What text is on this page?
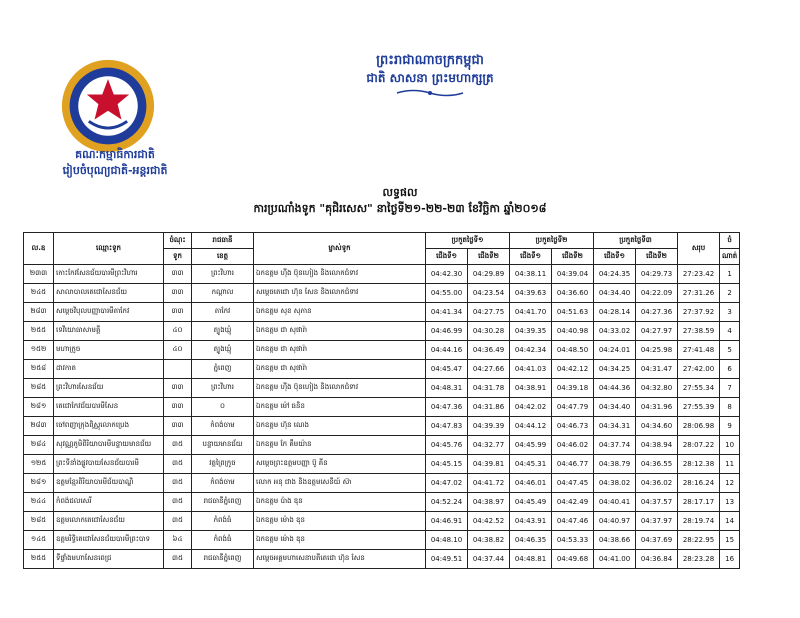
គណៈកម្មាធិការជាតិ
រៀបចំបុណ្យជាតិ-អន្តរជាតិ
ព្រះរាជាណាចក្រកម្ពុជា
ជាតិ សាសនា ព្រះមហាក្សត្រ
លទ្ធផល
ការប្រណាំងទូក "គុជិរសេស" នាថ្ងៃទី២១-២២-២៣ ខែវិច្ឆិកា ឆ្នាំ២០១៨
ល.ឧ	ឈ្មោះទូក	ចំណុះ	រាជធានី	ម្ចាស់ទូក	ប្រកួតថ្ងៃទី១		ប្រកួតថ្ងៃទី២		ប្រកួតថ្ងៃទី៣		សរុប	ចំ
		ទូក	ខេត្ត		ជើងទី១	ជើងទី២	ជើងទី១	ជើងទី២	ជើងទី១	ជើងទី២		ណាត់
២៣៣	កោះកែវសែនជ័យបារមីព្រះវិហារ	៣៣	ព្រះវិហារ	ឯកឧត្តម ហ៊ីង ប៊ុនហៀង និងលោកជំទាវ	04:42.30	04:29.89	04:38.11	04:39.04	04:24.35	04:29.73	27:23.42	1
២៤៥	សាលាបាលតេជោសែនជ័យ	៣៣	កណ្ដាល	សម្ដេចតេជោ ហ៊ុន សែន និងលោកជំទាវ	04:55.00	04:23.54	04:39.63	04:36.60	04:34.40	04:22.09	27:31.26	2
២៨៣	សម្ដេចវិបុលបញ្ញាបារមីតាកែវ	៣៣	តាកែវ	ឯកឧត្តម សុខ សុភាន	04:41.34	04:27.75	04:41.70	04:51.63	04:28.14	04:27.36	27:37.92	3
២៥៥	ទេវីយោធាសាមគ្គី	៤០	ត្បូងឃ្មុំ	ឯកឧត្តម ជា សុផារ៉ា	04:46.99	04:30.28	04:39.35	04:40.98	04:33.02	04:27.97	27:38.59	4
១៥២	មហាក្រូច	៤០	ត្បូងឃ្មុំ	ឯកឧត្តម ជា សុផារ៉ា	04:44.16	04:36.49	04:42.34	04:48.50	04:24.01	04:25.98	27:41.48	5
២៥៨	ដាវកាត		ភ្នំពេញ	ឯកឧត្តម ជា សុផារ៉ា	04:45.47	04:27.66	04:41.03	04:42.12	04:34.25	04:31.47	27:42.00	6
២៨៥	ព្រះវិហារសែនជ័យ	៣៣	ព្រះវិហារ	ឯកឧត្តម ហ៊ីង ប៊ុនហៀង និងលោកជំទាវ	04:48.31	04:31.78	04:38.91	04:39.18	04:44.36	04:32.80	27:55.34	7
២៨១	តេជោកែវជ័យបារមីសែន	៣៣	០	ឯកឧត្តម ម៉ៅ ធនិន	04:47.36	04:31.86	04:42.02	04:47.79	04:34.40	04:31.96	27:55.39	8
២៨៣	ចៅពញាក្រុងពិស្ណុលោកប្រេង	៣៣	កំពង់ចាម	ឯកឧត្តម ហ៊ុន ណេង	04:47.83	04:39.39	04:44.12	04:46.73	04:34.31	04:34.60	28:06.98	9
២៨៤	សុវណ្ណភូមិពិរិយាបារមីបន្ទាយមានជ័យ	៣៥	បន្ទាយមានជ័យ	ឯកឧត្តម កែ គឹមយ៉ាន	04:45.76	04:32.77	04:45.99	04:46.02	04:37.74	04:38.94	28:07.22	10
១២៥	ព្រះទីនាំងផ្លូវបាយសែនជ័យបារមី	៣៥	វត្តព្រៃក្រូច	សម្ដេចព្រះឧត្តមបញ្ញា ប៊ូ គីន	04:45.15	04:39.81	04:45.31	04:46.77	04:38.79	04:36.55	28:12.38	11
២៨១	ឧត្តមខ្មែរពិរិយាបារមីជ័យបាណ្ឌិ	៣៥	កំពង់ចាម	លោក អនុ ជាង និងឧត្ដមសេនីយ៍ ស៊ា	04:47.02	04:41.72	04:46.01	04:47.45	04:38.02	04:36.02	28:16.24	12
២៤៤	កំពង់ជលសេរី	៣៥	រាជធានីភ្នំពេញ	ឯកឧត្តម ប៉ាង ឌុន	04:52.24	04:38.97	04:45.49	04:42.49	04:40.41	04:37.57	28:17.17	13
២៨៥	ឧត្តមលោកតេជោសែនជ័យ	៣៥	កំពង់ធំ	ឯកឧត្តម ម៉ោង ឌុន	04:46.91	04:42.52	04:43.91	04:47.46	04:40.97	04:37.97	28:19.74	14
១៤៥	ឧត្តមរិទ្ធិតេជោសែនជ័យបារមីព្រះបាទ	៦៤	កំពង់ធំ	ឯកឧត្តម ម៉ោង ឌុន	04:48.10	04:38.82	04:46.35	04:53.33	04:38.66	04:37.69	28:22.95	15
២៥៥	ទីផ្ទាំងមហាសែនពេជ្រ	៣៥	រាជធានីភ្នំពេញ	សម្ដេចអគ្គមហាសេនាបតីតេជោ ហ៊ុន សែន	04:49.51	04:37.44	04:48.81	04:49.68	04:41.00	04:36.84	28:23.28	16
